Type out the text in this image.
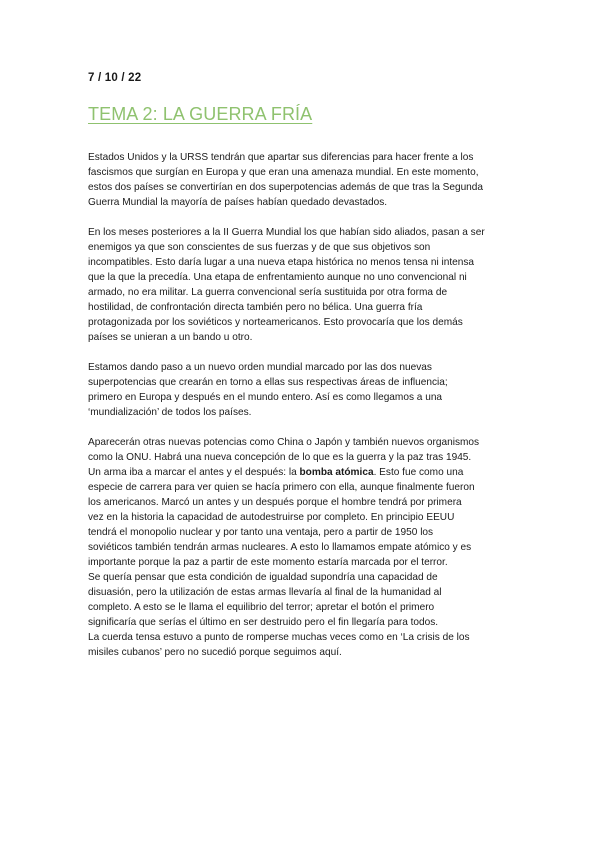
7 / 10 / 22
TEMA 2: LA GUERRA FRÍA
Estados Unidos y la URSS tendrán que apartar sus diferencias para hacer frente a los
fascismos que surgían en Europa y que eran una amenaza mundial. En este momento,
estos dos países se convertirían en dos superpotencias además de que tras la Segunda
Guerra Mundial la mayoría de países habían quedado devastados.
En los meses posteriores a la II Guerra Mundial los que habían sido aliados, pasan a ser
enemigos ya que son conscientes de sus fuerzas y de que sus objetivos son
incompatibles. Esto daría lugar a una nueva etapa histórica no menos tensa ni intensa
que la que la precedía. Una etapa de enfrentamiento aunque no uno convencional ni
armado, no era militar. La guerra convencional sería sustituida por otra forma de
hostilidad, de confrontación directa también pero no bélica. Una guerra fría
protagonizada por los soviéticos y norteamericanos. Esto provocaría que los demás
países se unieran a un bando u otro.
Estamos dando paso a un nuevo orden mundial marcado por las dos nuevas
superpotencias que crearán en torno a ellas sus respectivas áreas de influencia;
primero en Europa y después en el mundo entero. Así es como llegamos a una
‘mundialización’ de todos los países.
Aparecerán otras nuevas potencias como China o Japón y también nuevos organismos
como la ONU. Habrá una nueva concepción de lo que es la guerra y la paz tras 1945.
Un arma iba a marcar el antes y el después: la bomba atómica. Esto fue como una
especie de carrera para ver quien se hacía primero con ella, aunque finalmente fueron
los americanos. Marcó un antes y un después porque el hombre tendrá por primera
vez en la historia la capacidad de autodestruirse por completo. En principio EEUU
tendrá el monopolio nuclear y por tanto una ventaja, pero a partir de 1950 los
soviéticos también tendrán armas nucleares. A esto lo llamamos empate atómico y es
importante porque la paz a partir de este momento estaría marcada por el terror.
Se quería pensar que esta condición de igualdad supondría una capacidad de
disuasión, pero la utilización de estas armas llevaría al final de la humanidad al
completo. A esto se le llama el equilibrio del terror; apretar el botón el primero
significaría que serías el último en ser destruido pero el fin llegaría para todos.
La cuerda tensa estuvo a punto de romperse muchas veces como en ‘La crisis de los
misiles cubanos’ pero no sucedió porque seguimos aquí.
